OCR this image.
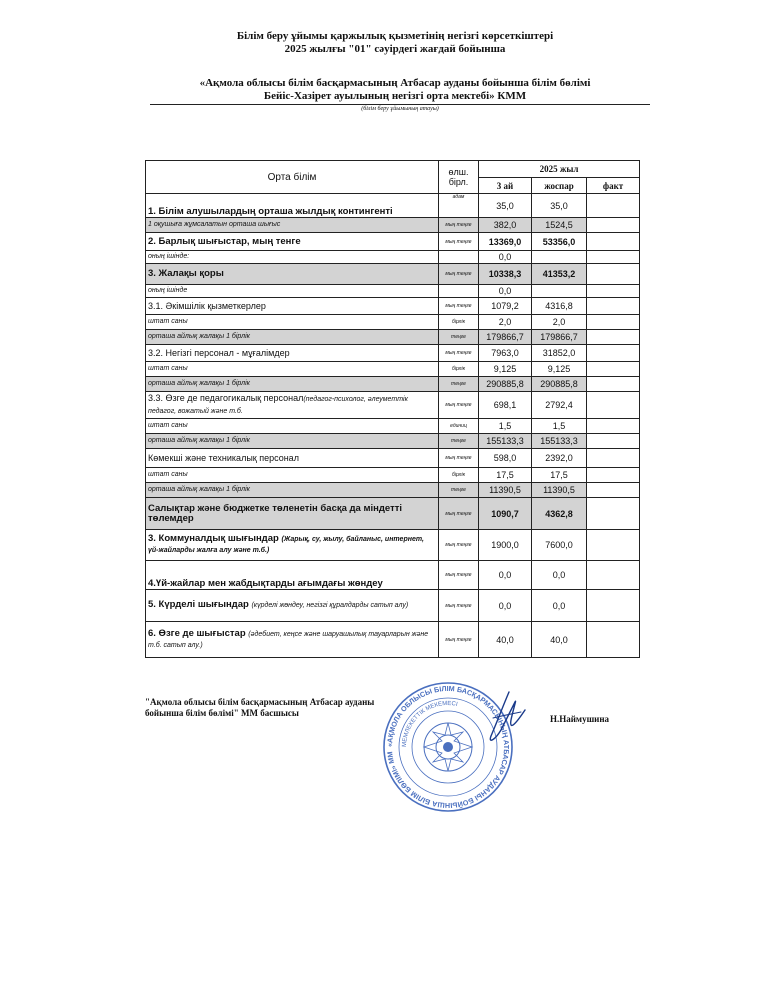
Білім беру ұйымы қаржылық қызметінің негізгі көрсеткіштері
2025 жылғы "01" сәуірдегі жағдай бойынша
«Ақмола облысы білім басқармасының Атбасар ауданы бойынша білім бөлімі
Бейіс-Хазірет ауылының негізгі орта мектебі» КММ
(білім беру ұйымының атауы)
Орта білім	өлш. бірл.	2025 жыл		
		3 ай	жоспар	факт
1. Білім алушылардың орташа жылдық контингенті	адам	35,0	35,0	
1 оқушыға жұмсалатын орташа шығыс	мың теңге	382,0	1524,5	
2. Барлық шығыстар, мың тенге	мың теңге	13369,0	53356,0	
оның ішінде:		0,0		
3. Жалақы қоры	мың теңге	10338,3	41353,2	
оның ішінде		0,0		
3.1. Әкімшілік қызметкерлер	мың теңге	1079,2	4316,8	
штат саны	бірлік	2,0	2,0	
орташа айлық жалақы 1 бірлік	теңге	179866,7	179866,7	
3.2. Негізгі персонал - мұғалімдер	мың теңге	7963,0	31852,0	
штат саны	бірлік	9,125	9,125	
орташа айлық жалақы 1 бірлік	теңге	290885,8	290885,8	
3.3. Өзге де педагогикалық персонал(педагог-психолог, әлеуметтік педагог, вожатый және т.б.	мың теңге	698,1	2792,4	
штат саны	единиц	1,5	1,5	
орташа айлық жалақы 1 бірлік	теңге	155133,3	155133,3	
Көмекші және техникалық персонал	мың теңге	598,0	2392,0	
штат саны	бірлік	17,5	17,5	
орташа айлық жалақы 1 бірлік	теңге	11390,5	11390,5	
Салықтар және бюджетке төленетін басқа да міндетті төлемдер	мың теңге	1090,7	4362,8	
3. Коммуналдық шығындар (Жарық, су, жылу, байланыс, интернет, үй-жайларды жалға алу және т.б.)	мың теңге	1900,0	7600,0	
4.Үй-жайлар мен жабдықтарды ағымдағы жөндеу	мың теңге	0,0	0,0	
5. Күрделі шығындар (күрделі жөндеу, негізгі құралдарды сатып алу)	мың теңге	0,0	0,0	
6. Өзге де шығыстар (әдебиет, кеңсе және шаруашылық тауарларын және т.б. сатып алу.)	мың теңге	40,0	40,0	
"Ақмола облысы білім басқармасының Атбасар ауданы
бойынша білім бөлімі" ММ басшысы
Н.Наймушина
«АҚМОЛА ОБЛЫСЫ БІЛІМ БАСҚАРМАСЫНЫҢ АТБАСАР АУДАНЫ БОЙЫНША БІЛІМ БӨЛІМІ» ММ
МЕМЛЕКЕТТІК МЕКЕМЕСІ
